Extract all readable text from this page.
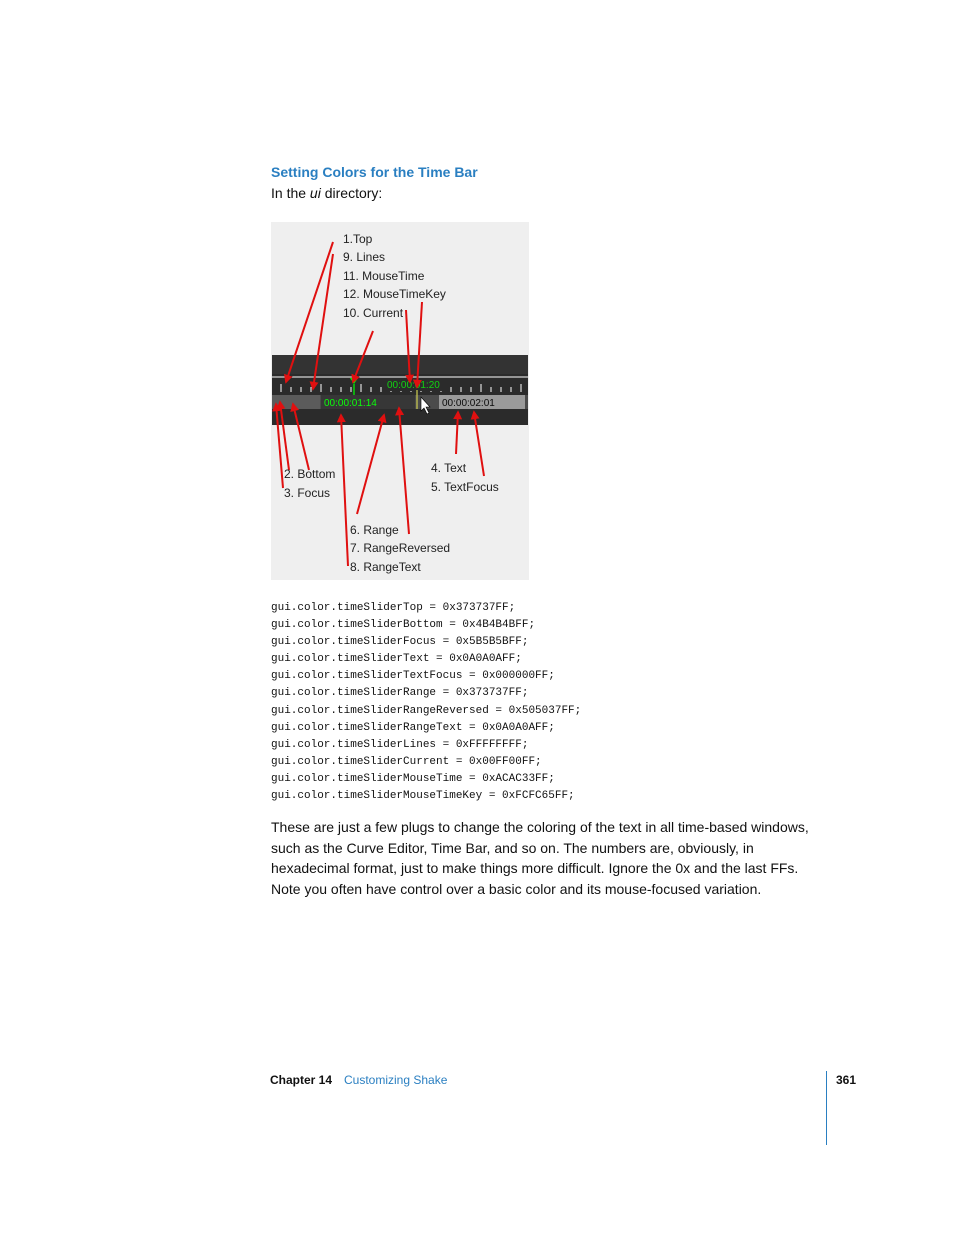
Setting Colors for the Time Bar
In the ui directory:
1.Top
9. Lines
11. MouseTime
12. MouseTimeKey
10. Current
00:00:01:20
00:00:01:14	00:00:02:01
2. Bottom
3. Focus
4. Text
5. TextFocus
6. Range
7. RangeReversed
8. RangeText
gui.color.timeSliderTop = 0x373737FF;
gui.color.timeSliderBottom = 0x4B4B4BFF;
gui.color.timeSliderFocus = 0x5B5B5BFF;
gui.color.timeSliderText = 0x0A0A0AFF;
gui.color.timeSliderTextFocus = 0x000000FF;
gui.color.timeSliderRange = 0x373737FF;
gui.color.timeSliderRangeReversed = 0x505037FF;
gui.color.timeSliderRangeText = 0x0A0A0AFF;
gui.color.timeSliderLines = 0xFFFFFFFF;
gui.color.timeSliderCurrent = 0x00FF00FF;
gui.color.timeSliderMouseTime = 0xACAC33FF;
gui.color.timeSliderMouseTimeKey = 0xFCFC65FF;

These are just a few plugs to change the coloring of the text in all time-based windows, such as the Curve Editor, Time Bar, and so on. The numbers are, obviously, in hexadecimal format, just to make things more difficult. Ignore the 0x and the last FFs. Note you often have control over a basic color and its mouse-focused variation.

Chapter 14 Customizing Shake	361
